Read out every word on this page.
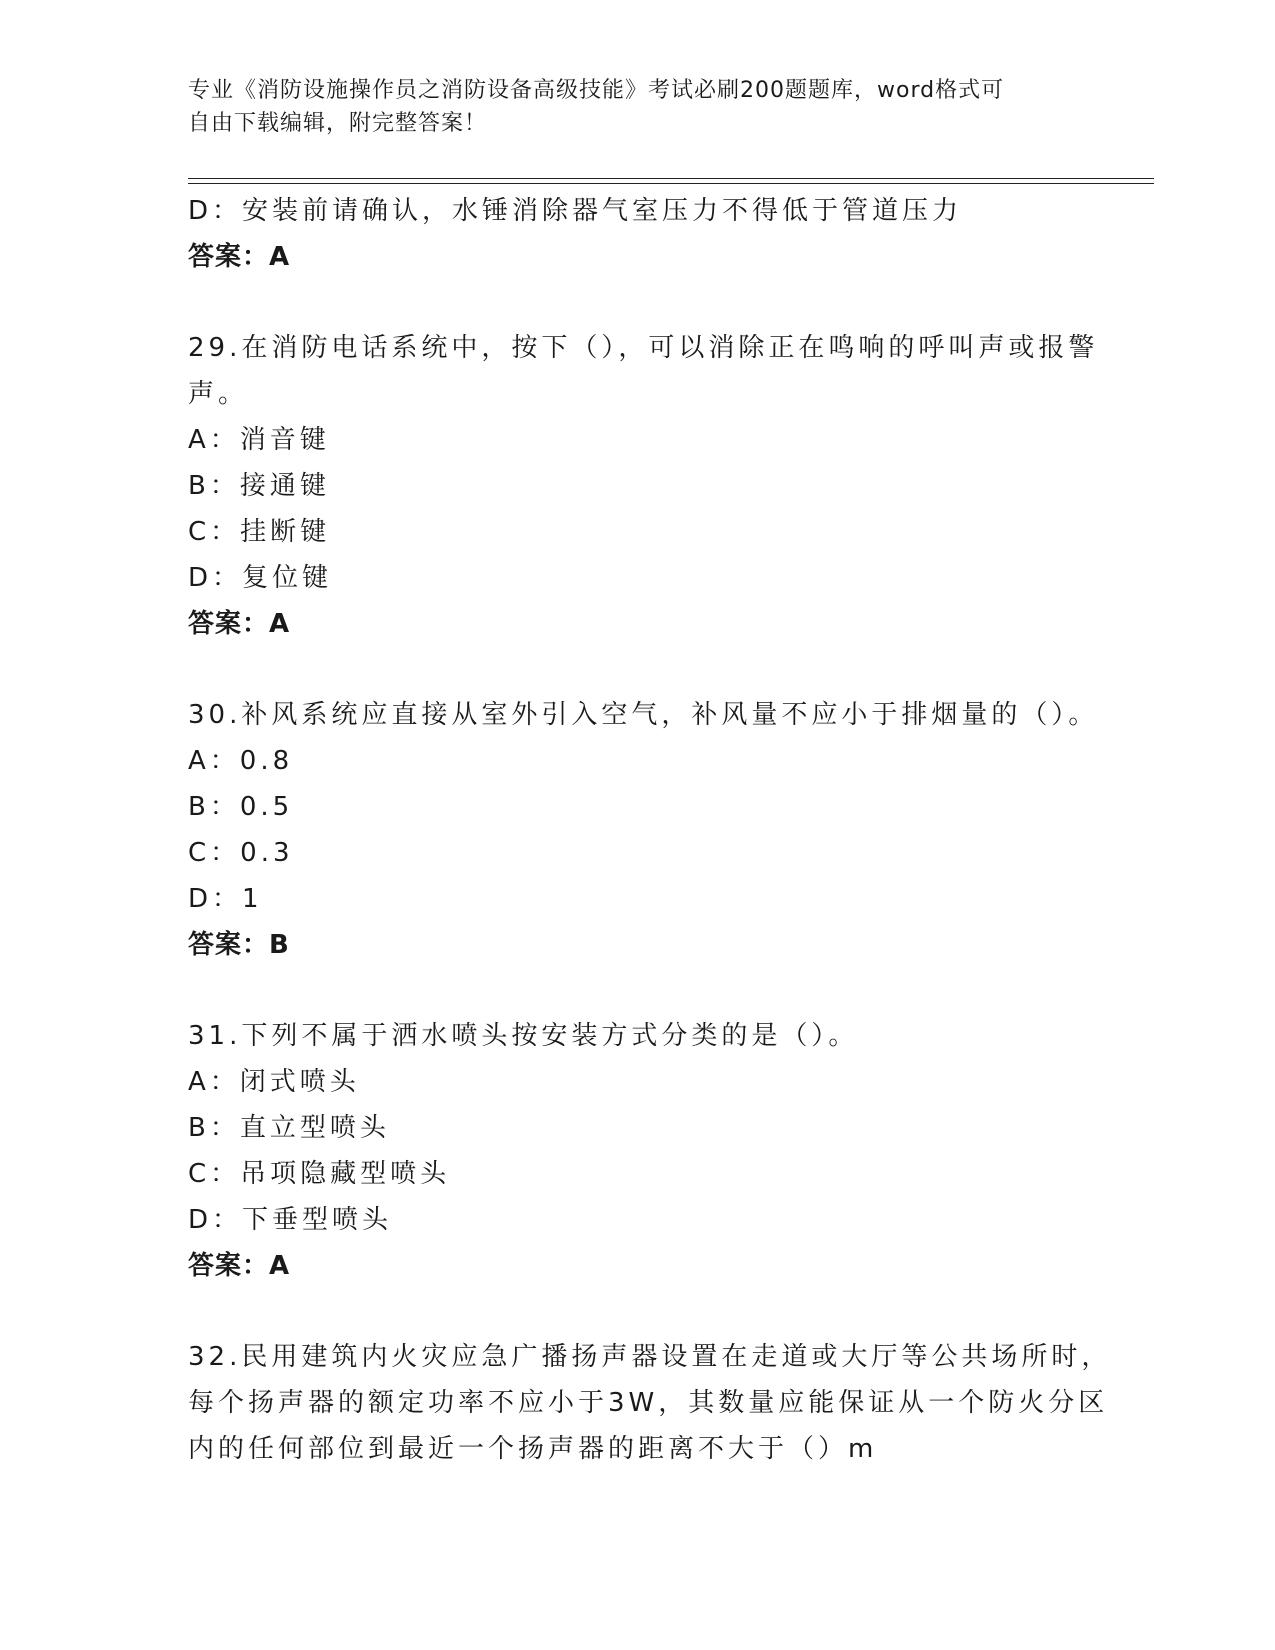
专业《消防设施操作员之消防设备高级技能》考试必刷200题题库，word格式可
自由下载编辑，附完整答案！
D：安装前请确认，水锤消除器气室压力不得低于管道压力
答案：A
29.在消防电话系统中，按下（），可以消除正在鸣响的呼叫声或报警
声。
A：消音键
B：接通键
C：挂断键
D：复位键
答案：A
30.补风系统应直接从室外引入空气，补风量不应小于排烟量的（）。
A：0.8
B：0.5
C：0.3
D：1
答案：B
31.下列不属于洒水喷头按安装方式分类的是（）。
A：闭式喷头
B：直立型喷头
C：吊项隐藏型喷头
D：下垂型喷头
答案：A
32.民用建筑内火灾应急广播扬声器设置在走道或大厅等公共场所时，
每个扬声器的额定功率不应小于3W，其数量应能保证从一个防火分区
内的任何部位到最近一个扬声器的距离不大于（）m
